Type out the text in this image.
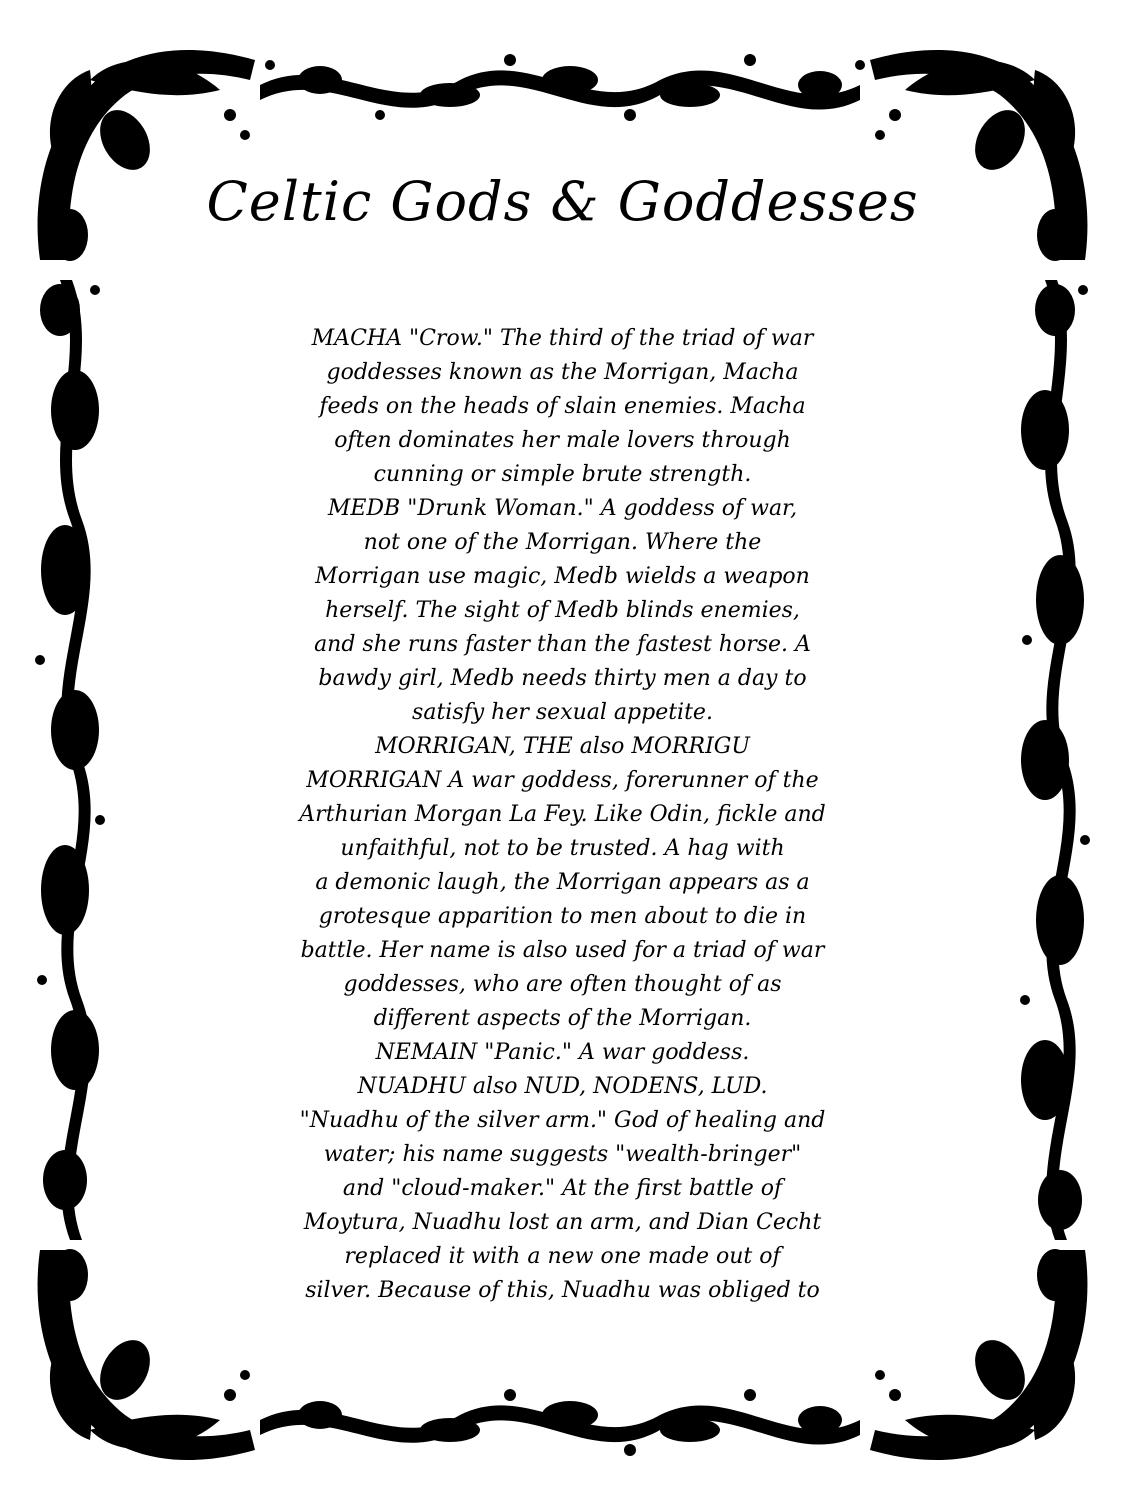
Celtic Gods & Goddesses
MACHA "Crow." The third of the triad of war
goddesses known as the Morrigan, Macha
feeds on the heads of slain enemies. Macha
often dominates her male lovers through
cunning or simple brute strength.
MEDB "Drunk Woman." A goddess of war,
not one of the Morrigan. Where the
Morrigan use magic, Medb wields a weapon
herself. The sight of Medb blinds enemies,
and she runs faster than the fastest horse. A
bawdy girl, Medb needs thirty men a day to
satisfy her sexual appetite.
MORRIGAN, THE also MORRIGU
MORRIGAN A war goddess, forerunner of the
Arthurian Morgan La Fey. Like Odin, fickle and
unfaithful, not to be trusted. A hag with
a demonic laugh, the Morrigan appears as a
grotesque apparition to men about to die in
battle. Her name is also used for a triad of war
goddesses, who are often thought of as
different aspects of the Morrigan.
NEMAIN "Panic." A war goddess.
NUADHU also NUD, NODENS, LUD.
"Nuadhu of the silver arm." God of healing and
water; his name suggests "wealth-bringer"
and "cloud-maker." At the first battle of
Moytura, Nuadhu lost an arm, and Dian Cecht
replaced it with a new one made out of
silver. Because of this, Nuadhu was obliged to
